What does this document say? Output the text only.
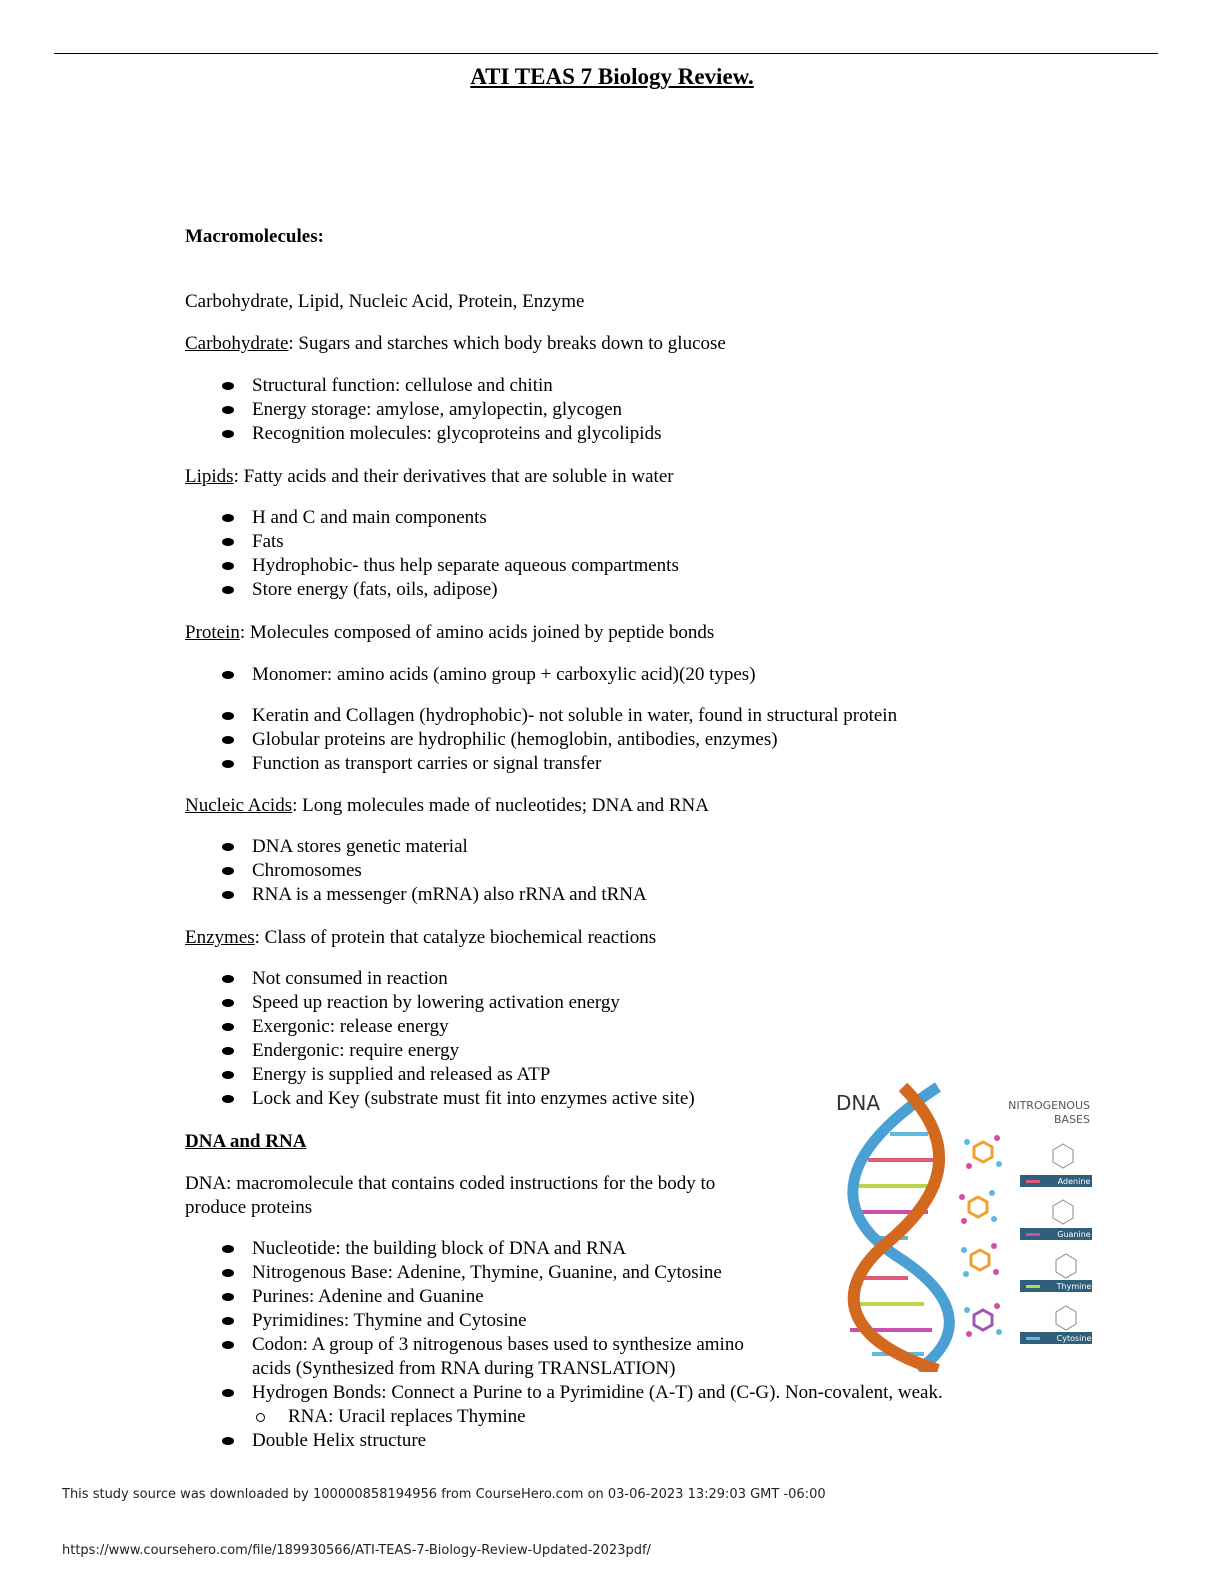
ATI TEAS 7 Biology Review.
Macromolecules:
Carbohydrate, Lipid, Nucleic Acid, Protein, Enzyme
Carbohydrate: Sugars and starches which body breaks down to glucose
Structural function: cellulose and chitin
Energy storage: amylose, amylopectin, glycogen
Recognition molecules: glycoproteins and glycolipids
Lipids: Fatty acids and their derivatives that are soluble in water
H and C and main components
Fats
Hydrophobic- thus help separate aqueous compartments
Store energy (fats, oils, adipose)
Protein: Molecules composed of amino acids joined by peptide bonds
Monomer: amino acids (amino group + carboxylic acid)(20 types)
Keratin and Collagen (hydrophobic)- not soluble in water, found in structural protein
Globular proteins are hydrophilic (hemoglobin, antibodies, enzymes)
Function as transport carries or signal transfer
Nucleic Acids: Long molecules made of nucleotides; DNA and RNA
DNA stores genetic material
Chromosomes
RNA is a messenger (mRNA) also rRNA and tRNA
Enzymes: Class of protein that catalyze biochemical reactions
Not consumed in reaction
Speed up reaction by lowering activation energy
Exergonic: release energy
Endergonic: require energy
Energy is supplied and released as ATP
Lock and Key (substrate must fit into enzymes active site)
DNA and RNA
DNA: macromolecule that contains coded instructions for the body to
produce proteins
Nucleotide: the building block of DNA and RNA
Nitrogenous Base: Adenine, Thymine, Guanine, and Cytosine
Purines: Adenine and Guanine
Pyrimidines: Thymine and Cytosine
Codon: A group of 3 nitrogenous bases used to synthesize amino
acids (Synthesized from RNA during TRANSLATION)
Hydrogen Bonds: Connect a Purine to a Pyrimidine (A-T) and (C-G). Non-covalent, weak.
RNA: Uracil replaces Thymine
Double Helix structure
DNA	NITROGENOUS
BASES
Adenine
Guanine
Thymine
Cytosine
This study source was downloaded by 100000858194956 from CourseHero.com on 03-06-2023 13:29:03 GMT -06:00
https://www.coursehero.com/file/189930566/ATI-TEAS-7-Biology-Review-Updated-2023pdf/
